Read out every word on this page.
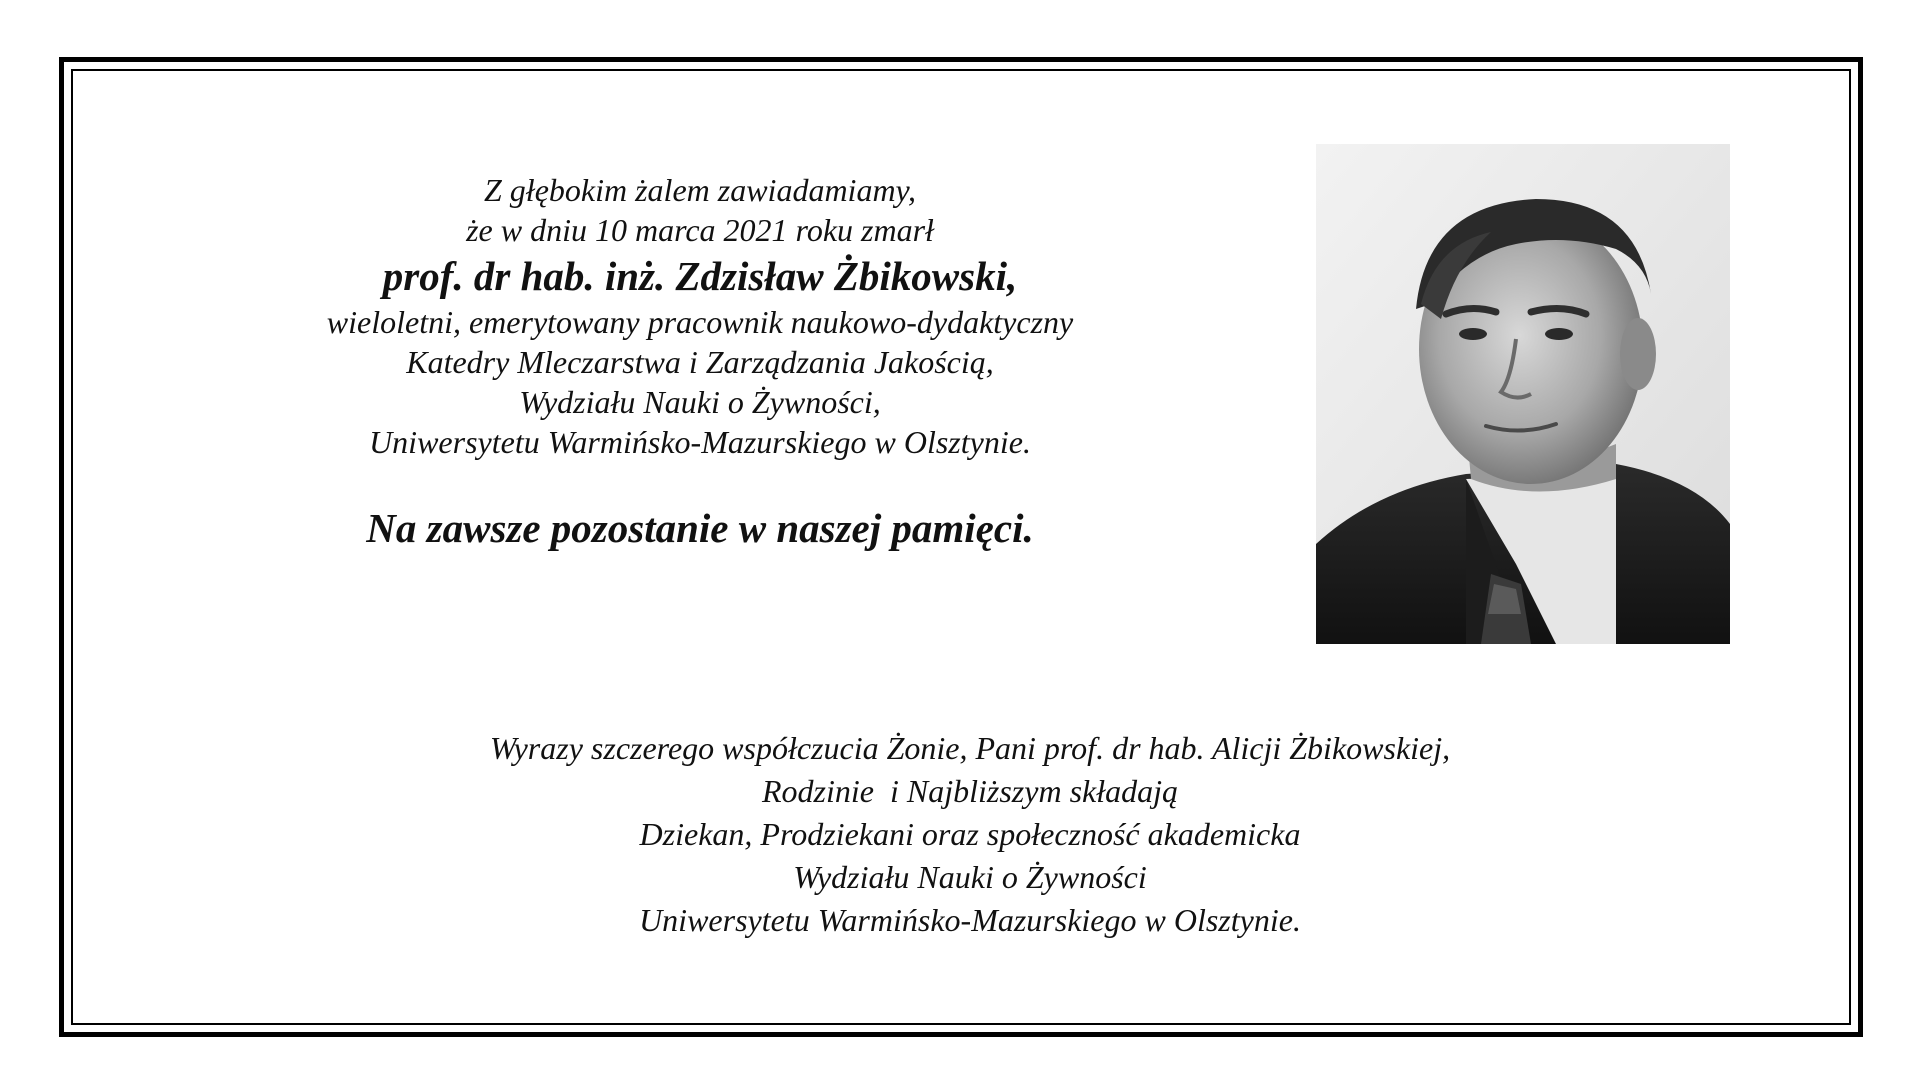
Z głębokim żalem zawiadamiamy,
że w dniu 10 marca 2021 roku zmarł
prof. dr hab. inż. Zdzisław Żbikowski,
wieloletni, emerytowany pracownik naukowo-dydaktyczny
Katedry Mleczarstwa i Zarządzania Jakością,
Wydziału Nauki o Żywności,
Uniwersytetu Warmińsko-Mazurskiego w Olsztynie.
Na zawsze pozostanie w naszej pamięci.
Wyrazy szczerego współczucia Żonie, Pani prof. dr hab. Alicji Żbikowskiej,
Rodzinie  i Najbliższym składają
Dziekan, Prodziekani oraz społeczność akademicka
Wydziału Nauki o Żywności
Uniwersytetu Warmińsko-Mazurskiego w Olsztynie.
